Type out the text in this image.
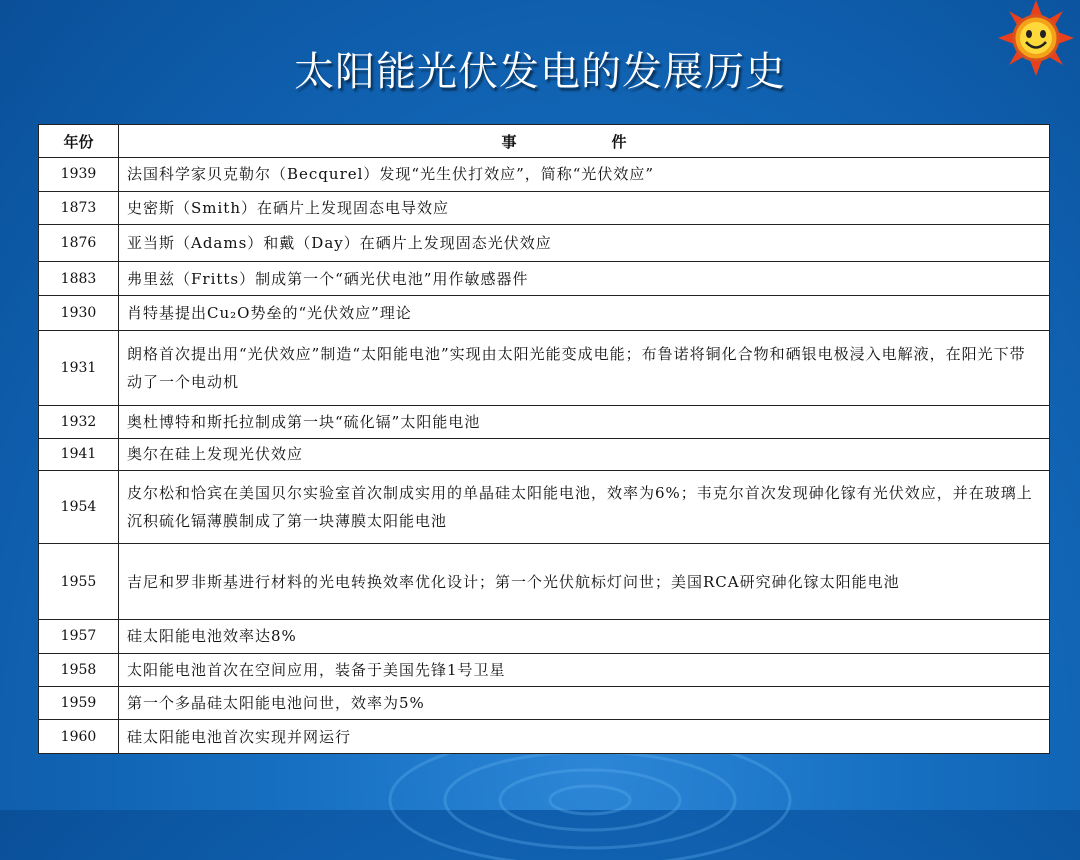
太阳能光伏发电的发展历史
年份	事　件
1939	法国科学家贝克勒尔（Becqurel）发现“光生伏打效应”，简称“光伏效应”
1873	史密斯（Smith）在硒片上发现固态电导效应
1876	亚当斯（Adams）和戴（Day）在硒片上发现固态光伏效应
1883	弗里兹（Fritts）制成第一个“硒光伏电池”用作敏感器件
1930	肖特基提出Cu₂O势垒的“光伏效应”理论
1931	朗格首次提出用“光伏效应”制造“太阳能电池”实现由太阳光能变成电能；布鲁诺将铜化合物和硒银电极浸入电解液，在阳光下带动了一个电动机
1932	奥杜博特和斯托拉制成第一块“硫化镉”太阳能电池
1941	奥尔在硅上发现光伏效应
1954	皮尔松和恰宾在美国贝尔实验室首次制成实用的单晶硅太阳能电池，效率为6%；韦克尔首次发现砷化镓有光伏效应，并在玻璃上沉积硫化镉薄膜制成了第一块薄膜太阳能电池
1955	吉尼和罗非斯基进行材料的光电转换效率优化设计；第一个光伏航标灯问世；美国RCA研究砷化镓太阳能电池
1957	硅太阳能电池效率达8%
1958	太阳能电池首次在空间应用，装备于美国先锋1号卫星
1959	第一个多晶硅太阳能电池问世，效率为5%
1960	硅太阳能电池首次实现并网运行
